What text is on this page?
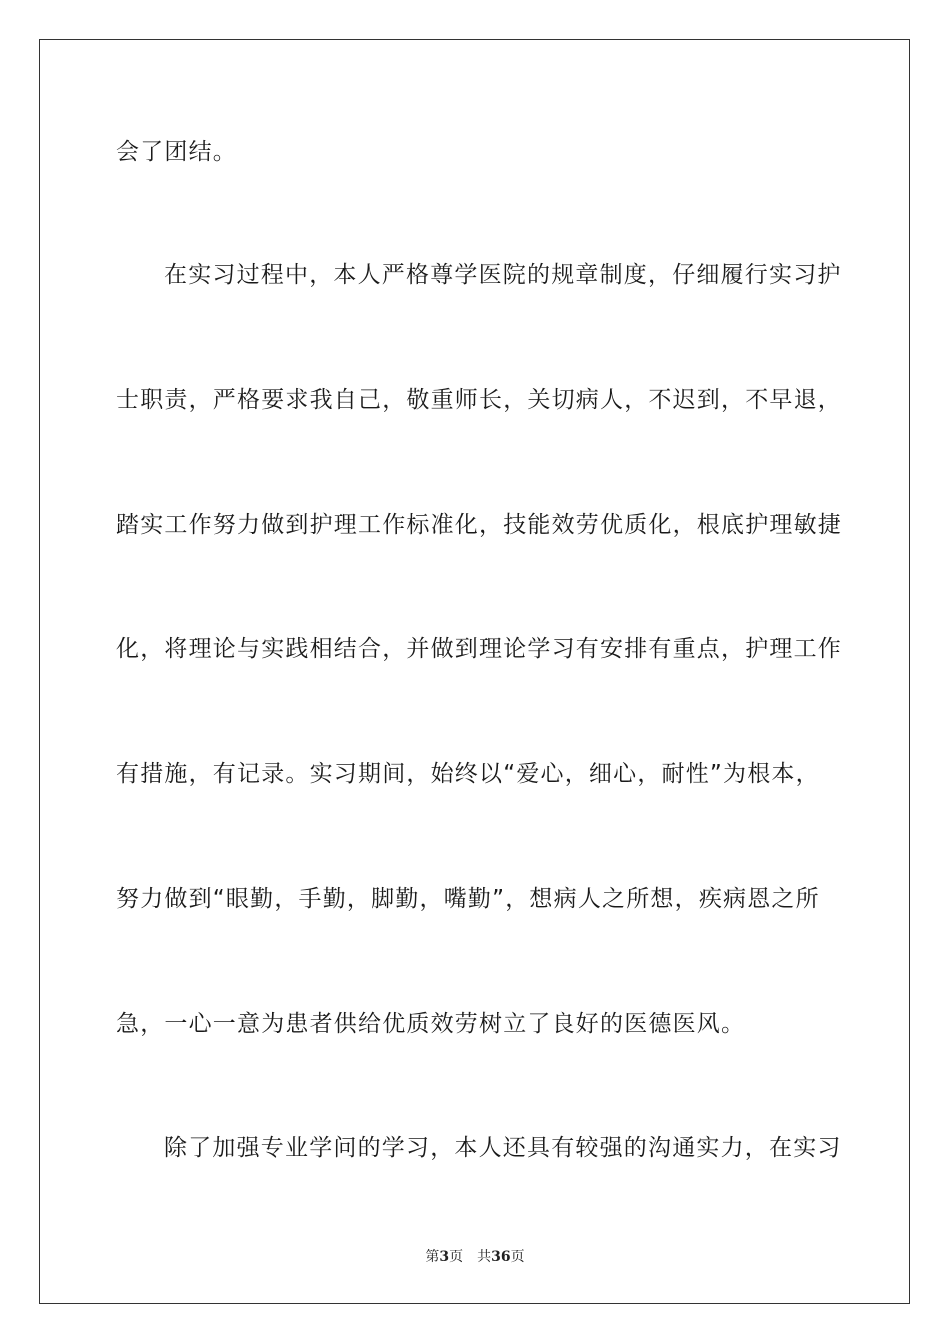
会了团结。
在实习过程中，本人严格尊学医院的规章制度，仔细履行实习护
士职责，严格要求我自己，敬重师长，关切病人，不迟到，不早退，
踏实工作努力做到护理工作标准化，技能效劳优质化，根底护理敏捷
化，将理论与实践相结合，并做到理论学习有安排有重点，护理工作
有措施，有记录。实习期间，始终以“爱心，细心，耐性”为根本，
努力做到“眼勤，手勤，脚勤，嘴勤”，想病人之所想，疾病恩之所
急，一心一意为患者供给优质效劳树立了良好的医德医风。
除了加强专业学问的学习，本人还具有较强的沟通实力，在实习
第3页 共36页
